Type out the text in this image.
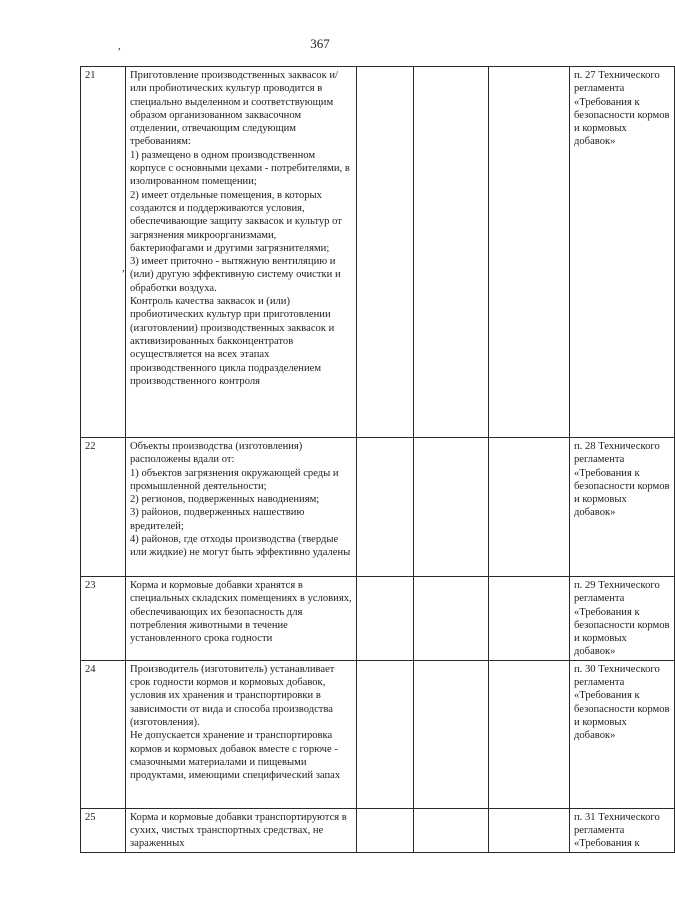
367
,
,
21	Приготовление производственных заквасок и/или пробиотических культур проводится в специально выделенном и соответствующим образом организованном заквасочном отделении, отвечающим следующим требованиям:
1) размещено в одном производственном корпусе с основными цехами - потребителями, в изолированном помещении;
2) имеет отдельные помещения, в которых создаются и поддерживаются условия, обеспечивающие защиту заквасок и культур от загрязнения микроорганизмами, бактериофагами и другими загрязнителями;
3) имеет приточно - вытяжную вентиляцию и (или) другую эффективную систему очистки и обработки воздуха.
Контроль качества заквасок и (или) пробиотических культур при приготовлении (изготовлении) производственных заквасок и активизированных бакконцентратов осуществляется на всех этапах производственного цикла подразделением производственного контроля				п. 27 Технического регламента «Требования к безопасности кормов и кормовых добавок»
22	Объекты производства (изготовления) расположены вдали от:
1) объектов загрязнения окружающей среды и промышленной деятельности;
2) регионов, подверженных наводнениям;
3) районов, подверженных нашествию вредителей;
4) районов, где отходы производства (твердые или жидкие) не могут быть эффективно удалены				п. 28 Технического регламента «Требования к безопасности кормов и кормовых добавок»
23	Корма и кормовые добавки хранятся в специальных складских помещениях в условиях, обеспечивающих их безопасность для потребления животными в течение установленного срока годности				п. 29 Технического регламента «Требования к безопасности кормов и кормовых добавок»
24	Производитель (изготовитель) устанавливает срок годности кормов и кормовых добавок, условия их хранения и транспортировки в зависимости от вида и способа производства (изготовления).
Не допускается хранение и транспортировка кормов и кормовых добавок вместе с горюче - смазочными материалами и пищевыми продуктами, имеющими специфический запах				п. 30 Технического регламента «Требования к безопасности кормов и кормовых добавок»
25	Корма и кормовые добавки транспортируются в сухих, чистых транспортных средствах, не зараженных				п. 31 Технического регламента «Требования к
